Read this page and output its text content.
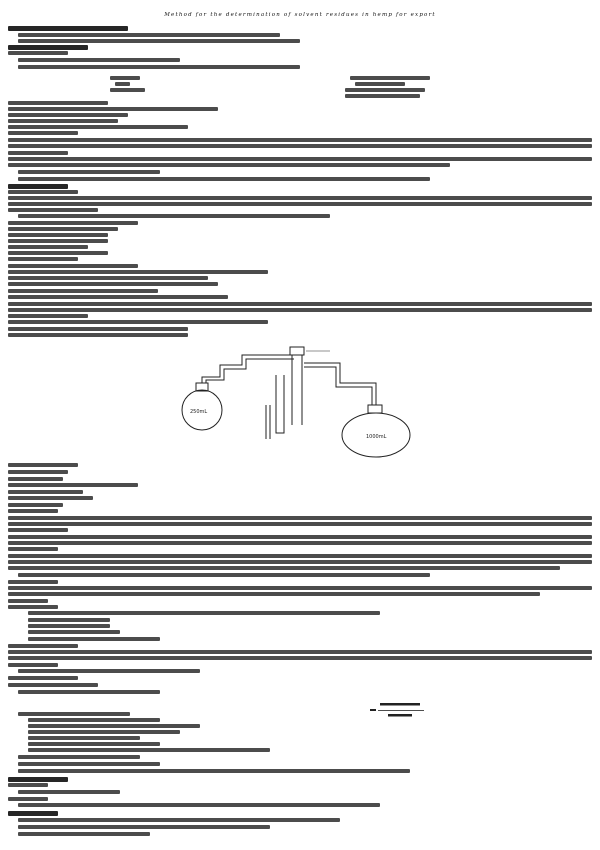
Method for the determination of solvent residues in hemp for export
250mL
1000mL
